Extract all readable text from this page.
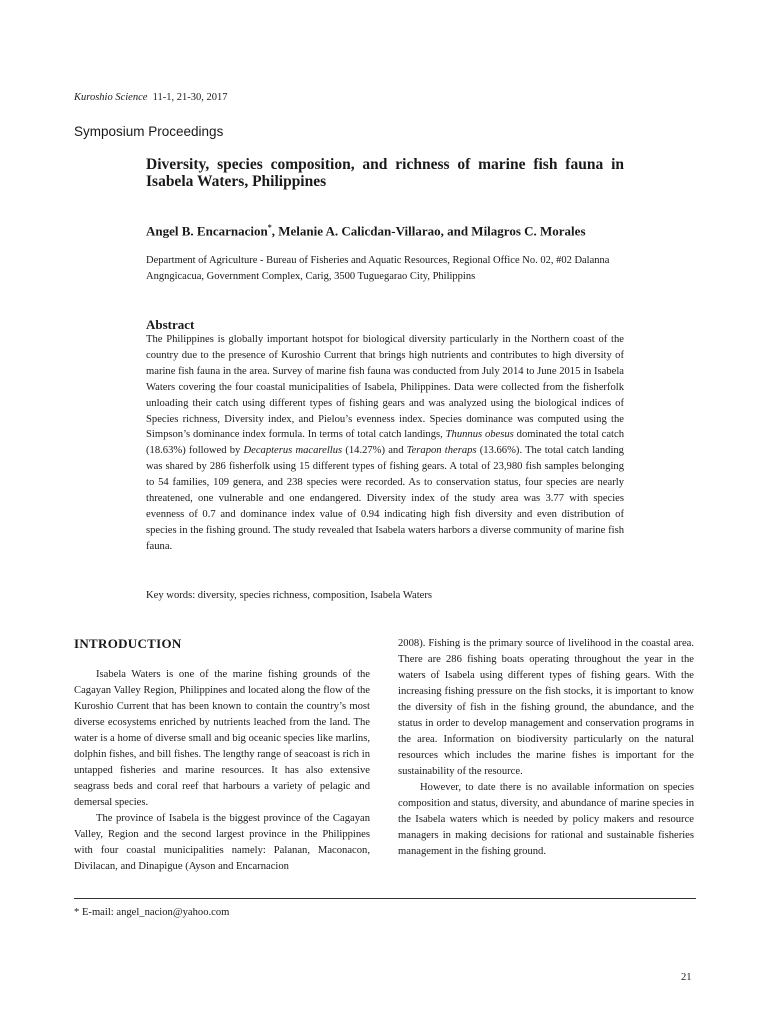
Kuroshio Science 11-1, 21-30, 2017
Symposium Proceedings
Diversity, species composition, and richness of marine fish fauna in Isabela Waters, Philippines

Angel B. Encarnacion*, Melanie A. Calicdan-Villarao, and Milagros C. Morales

Department of Agriculture - Bureau of Fisheries and Aquatic Resources, Regional Office No. 02, #02 Dalanna Angngicacua, Government Complex, Carig, 3500 Tuguegarao City, Philippins

Abstract

The Philippines is globally important hotspot for biological diversity particularly in the Northern coast of the country due to the presence of Kuroshio Current that brings high nutrients and contributes to high diversity of marine fish fauna in the area. Survey of marine fish fauna was conducted from July 2014 to June 2015 in Isabela Waters covering the four coastal municipalities of Isabela, Philippines. Data were collected from the fisherfolk unloading their catch using different types of fishing gears and was analyzed using the biological indices of Species richness, Diversity index, and Pielou’s evenness index. Species dominance was computed using the Simpson’s dominance index formula. In terms of total catch landings, Thunnus obesus dominated the total catch (18.63%) followed by Decapterus macarellus (14.27%) and Terapon theraps (13.66%). The total catch landing was shared by 286 fisherfolk using 15 different types of fishing gears. A total of 23,980 fish samples belonging to 54 families, 109 genera, and 238 species were recorded. As to conservation status, four species are nearly threatened, one vulnerable and one endangered. Diversity index of the study area was 3.77 with species evenness of 0.7 and dominance index value of 0.94 indicating high fish diversity and even distribution of species in the fishing ground. The study revealed that Isabela waters harbors a diverse community of marine fish fauna.

Key words: diversity, species richness, composition, Isabela Waters

INTRODUCTION

Isabela Waters is one of the marine fishing grounds of the Cagayan Valley Region, Philippines and located along the flow of the Kuroshio Current that has been known to contain the country’s most diverse ecosystems enriched by nutrients leached from the land. The water is a home of diverse small and big oceanic species like marlins, dolphin fishes, and bill fishes. The lengthy range of seacoast is rich in untapped fisheries and marine resources. It has also extensive seagrass beds and coral reef that harbours a variety of pelagic and demersal species.

The province of Isabela is the biggest province of the Cagayan Valley, Region and the second largest province in the Philippines with four coastal municipalities namely: Palanan, Maconacon, Divilacan, and Dinapigue (Ayson and Encarnacion

2008). Fishing is the primary source of livelihood in the coastal area. There are 286 fishing boats operating throughout the year in the waters of Isabela using different types of fishing gears. With the increasing fishing pressure on the fish stocks, it is important to know the diversity of fish in the fishing ground, the abundance, and the status in order to develop management and conservation programs in the area. Information on biodiversity particularly on the natural resources which includes the marine fishes is important for the sustainability of the resource.

However, to date there is no available information on species composition and status, diversity, and abundance of marine species in the Isabela waters which is needed by policy makers and resource managers in making decisions for rational and sustainable fisheries management in the fishing ground.

* E-mail: angel_nacion@yahoo.com

21
